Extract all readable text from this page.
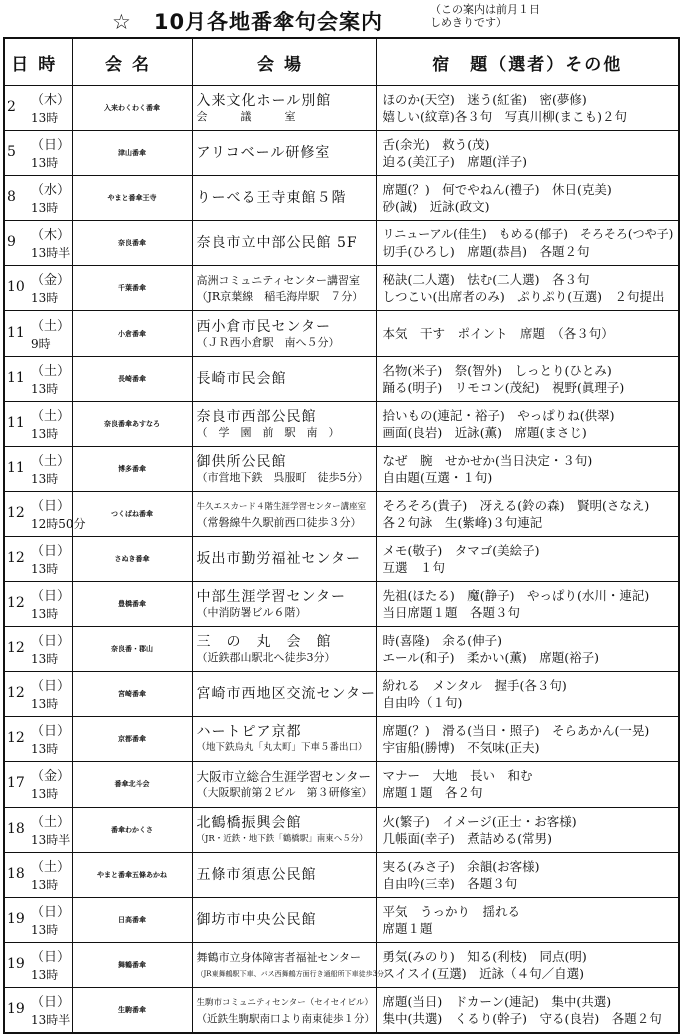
☆　10月各地番傘句会案内
（この案内は前月１日
しめきりです）
日時	会名	会場	宿　題（選者）その他

2 （木）
13時	入来わくわく番傘	入来文化ホール別館
会　　　議　　　室	ほのか(天空)　迷う(紅雀)　密(夢修)
嬉しい(紋章)各３句　写真川柳(まこも)２句

5 （日）
13時	津山番傘	アリコベール研修室	舌(余光)　救う(茂)
迫る(美江子)　席題(洋子)

8 （水）
13時	やまと番傘王寺	りーべる王寺東館５階	席題(？)　何でやねん(禮子)　休日(克美)
砂(誠)　近詠(政文)

9 （木）
13時半	奈良番傘	奈良市立中部公民館 5F	リニューアル(佳生)　もめる(郁子)　そろそろ(つや子)
切手(ひろし)　席題(恭昌)　各題２句

10 （金）
13時	千葉番傘	高洲コミュニティセンター講習室
（JR京葉線　稲毛海岸駅　７分）	秘訣(二人選)　怯む(二人選)　各３句
しつこい(出席者のみ)　ぷりぷり(互選)　２句提出

11 （土）
9時	小倉番傘	西小倉市民センター
（ＪＲ西小倉駅　南へ５分）	本気　干す　ポイント　席題　（各３句）

11 （土）
13時	長崎番傘	長崎市民会館	名物(米子)　祭(智外)　しっとり(ひとみ)
踊る(明子)　リモコン(茂紀)　視野(眞理子)

11 （土）
13時	奈良番傘あすなろ	奈良市西部公民館
（　学　園　前　駅　南　）	拾いもの(連記・裕子)　やっぱりね(供翠)
画面(良岩)　近詠(薫)　席題(まさじ)

11 （土）
13時	博多番傘	御供所公民館
（市営地下鉄　呉服町　徒歩5分）	なぜ　腕　せかせか(当日決定・３句)
自由題(互選・１句)

12 （日）
12時50分	つくばね番傘	牛久エスカード４階生涯学習センター講座室
（常磐線牛久駅前西口徒歩３分）	そろそろ(貴子)　冴える(鈴の森)　賢明(さなえ)
各２句詠　生(紫峰)３句連記

12 （日）
13時	さぬき番傘	坂出市勤労福祉センター	メモ(敬子)　タマゴ(美絵子)
互選　１句

12 （日）
13時	豊橋番傘	中部生涯学習センター
（中消防署ビル６階）	先祖(ほたる)　魔(静子)　やっぱり(水川・連記)
当日席題１題　各題３句

12 （日）
13時	奈良番・郡山	三　の　丸　会　館
（近鉄郡山駅北へ徒歩3分）	時(喜隆)　余る(伸子)
エール(和子)　柔かい(薫)　席題(裕子)

12 （日）
13時	宮崎番傘	宮崎市西地区交流センター	紛れる　メンタル　握手(各３句)
自由吟（１句)

12 （日）
13時	京都番傘	ハートピア京都
（地下鉄烏丸「丸太町」下車５番出口）	席題(？)　滑る(当日・照子)　そらあかん(一晃)
宇宙船(勝博)　不気味(正夫)

17 （金）
13時	番傘北斗会	大阪市立総合生涯学習センター
（大阪駅前第２ビル　第３研修室）	マナー　大地　長い　和む
席題１題　各２句

18 （土）
13時半	番傘わかくさ	北鶴橋振興会館
（JR・近鉄・地下鉄「鶴橋駅」南東へ５分）	火(繁子)　イメージ(正士・お客様)
几帳面(幸子)　煮詰める(常男)

18 （土）
13時	やまと番傘五條あかね	五條市須恵公民館	実る(みさ子)　余韻(お客様)
自由吟(三幸)　各題３句

19 （日）
13時	日高番傘	御坊市中央公民館	平気　うっかり　揺れる
席題１題

19 （日）
13時	舞鶴番傘	舞鶴市立身体障害者福祉センター
（JR東舞鶴駅下車、バス西舞鶴方面行き通船所下車徒歩3分）	勇気(みのり)　知る(利枝)　同点(明)
スイスイ(互選)　近詠（４句／自選)

19 （日）
13時半	生駒番傘	生駒市コミュニティセンター（セイセイビル）
（近鉄生駒駅南口より南東徒歩１分）	席題(当日)　ドカーン(連記)　集中(共選)
集中(共選)　くるり(幹子)　守る(良岩)　各題２句
